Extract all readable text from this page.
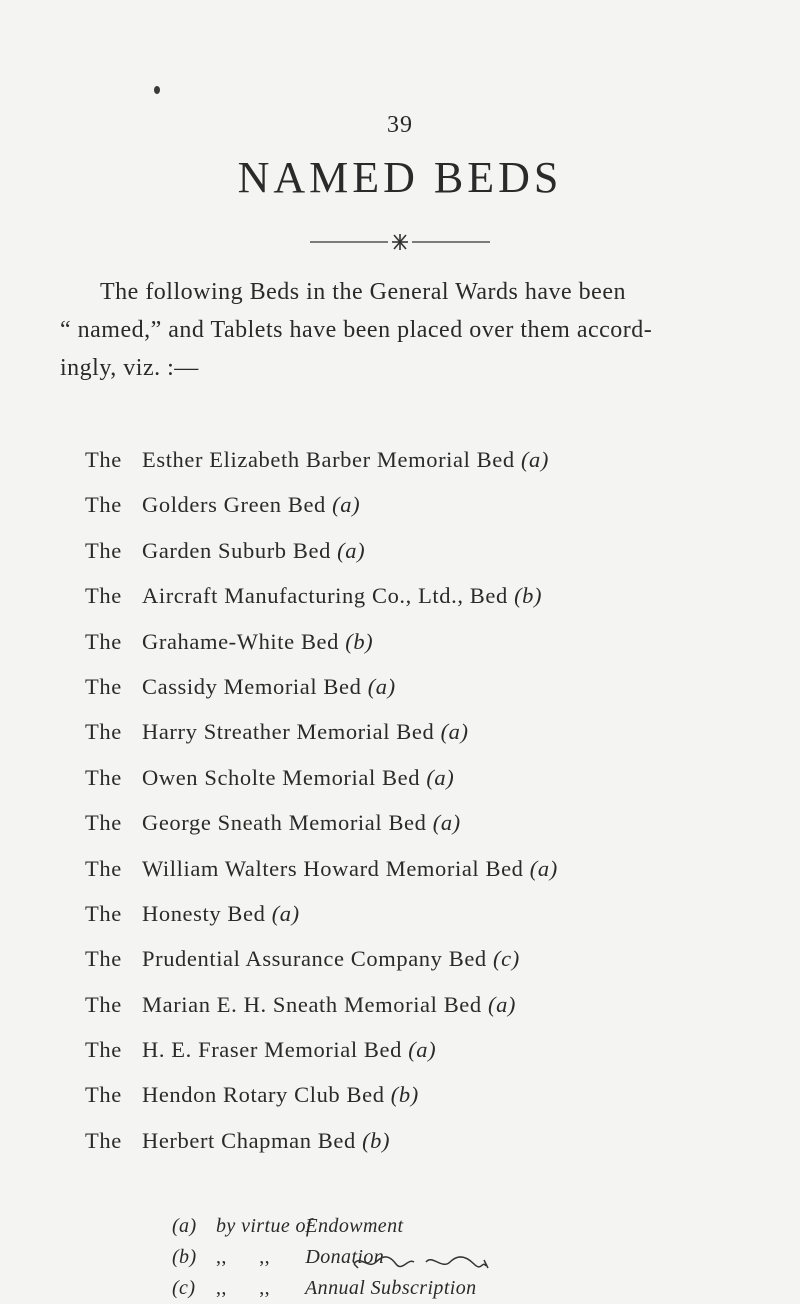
39
NAMED BEDS

The following Beds in the General Wards have been

“ named,” and Tablets have been placed over them accord-

ingly, viz. :—

The Esther Elizabeth Barber Memorial Bed (a)
The Golders Green Bed (a)
The Garden Suburb Bed (a)
The Aircraft Manufacturing Co., Ltd., Bed (b)
The Grahame-White Bed (b)
The Cassidy Memorial Bed (a)
The Harry Streather Memorial Bed (a)
The Owen Scholte Memorial Bed (a)
The George Sneath Memorial Bed (a)
The William Walters Howard Memorial Bed (a)
The Honesty Bed (a)
The Prudential Assurance Company Bed (c)
The Marian E. H. Sneath Memorial Bed (a)
The H. E. Fraser Memorial Bed (a)
The Hendon Rotary Club Bed (b)
The Herbert Chapman Bed (b)
(a) by virtue of Endowment
(b) ,,      ,, Donation
(c) ,,      ,, Annual Subscription
